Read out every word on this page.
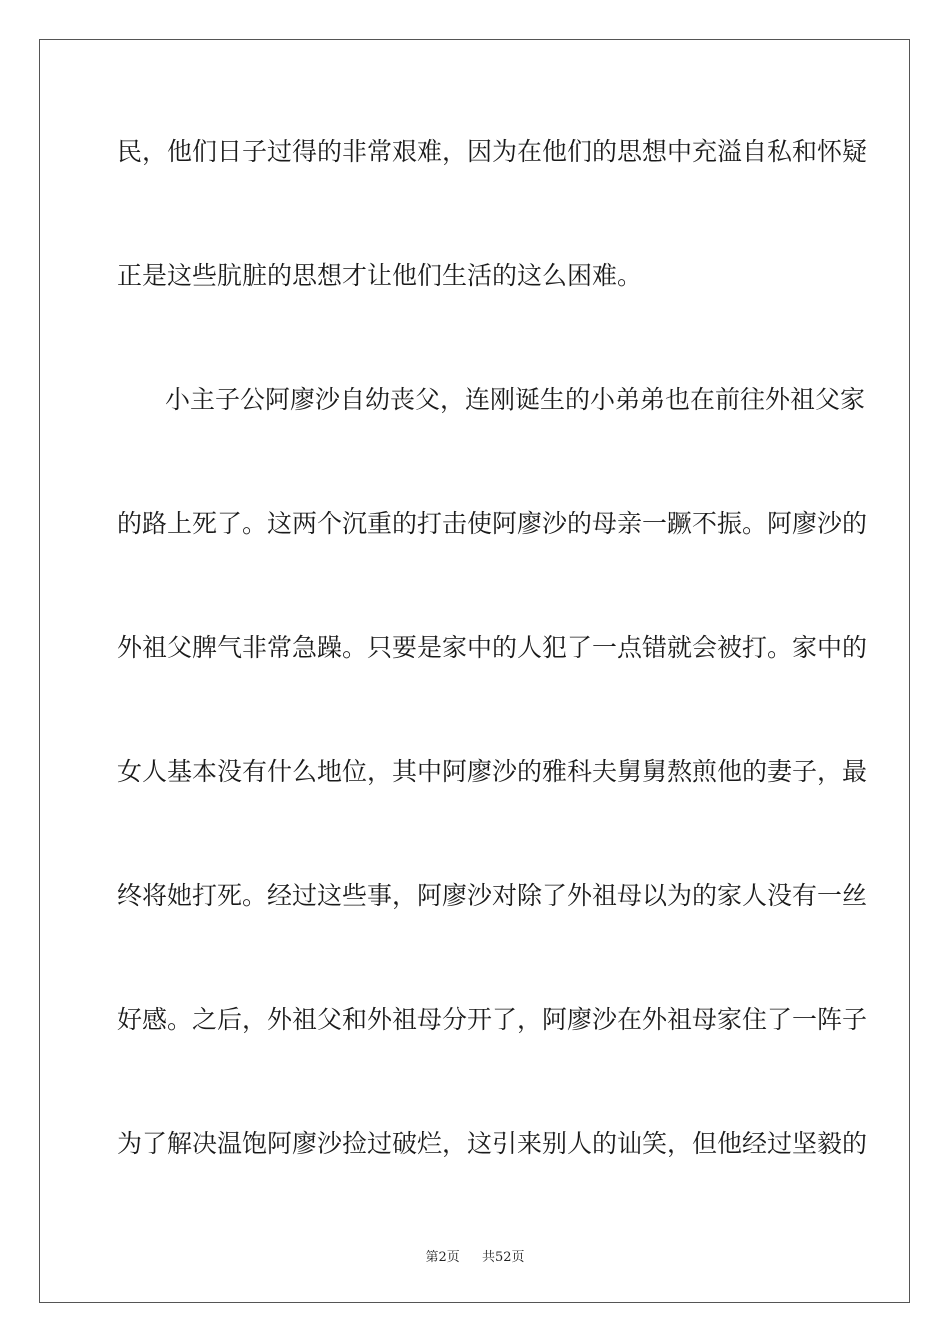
民，他们日子过得的非常艰难，因为在他们的思想中充溢自私和怀疑
正是这些肮脏的思想才让他们生活的这么困难。
小主子公阿廖沙自幼丧父，连刚诞生的小弟弟也在前往外祖父家
的路上死了。这两个沉重的打击使阿廖沙的母亲一蹶不振。阿廖沙的
外祖父脾气非常急躁。只要是家中的人犯了一点错就会被打。家中的
女人基本没有什么地位，其中阿廖沙的雅科夫舅舅熬煎他的妻子，最
终将她打死。经过这些事，阿廖沙对除了外祖母以为的家人没有一丝
好感。之后，外祖父和外祖母分开了，阿廖沙在外祖母家住了一阵子
为了解决温饱阿廖沙捡过破烂，这引来别人的讪笑，但他经过坚毅的
第2页 共52页
